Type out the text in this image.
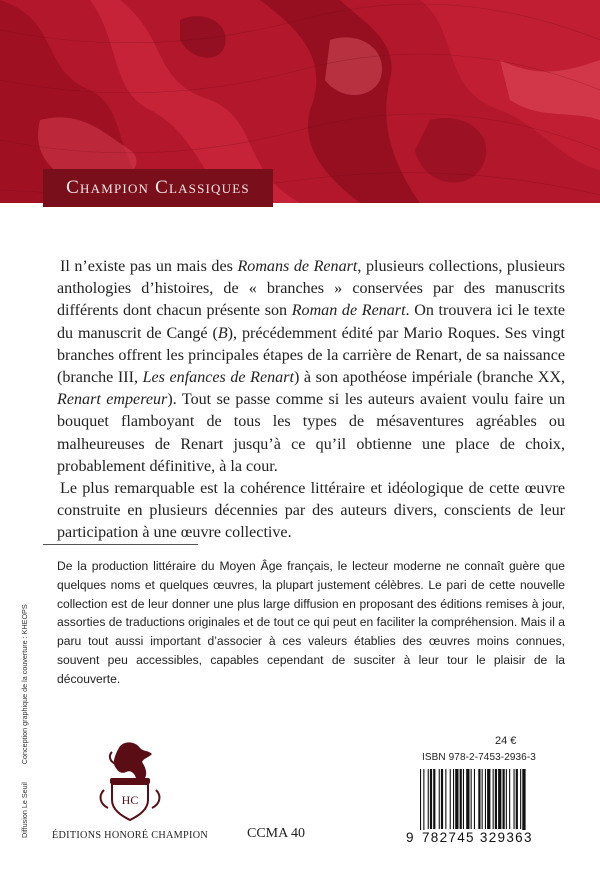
Champion Classiques

Il n’existe pas un mais des Romans de Renart, plusieurs collections, plusieurs anthologies d’histoires, de « branches » conservées par des manuscrits différents dont chacun présente son Roman de Renart. On trouvera ici le texte du manuscrit de Cangé (B), précédemment édité par Mario Roques. Ses vingt branches offrent les principales étapes de la carrière de Renart, de sa naissance (branche III, Les enfances de Renart) à son apothéose impériale (branche XX, Renart empereur). Tout se passe comme si les auteurs avaient voulu faire un bouquet flamboyant de tous les types de mésaventures agréables ou malheureuses de Renart jusqu’à ce qu’il obtienne une place de choix, probablement définitive, à la cour.

Le plus remarquable est la cohérence littéraire et idéologique de cette œuvre construite en plusieurs décennies par des auteurs divers, conscients de leur participation à une œuvre collective.

De la production littéraire du Moyen Âge français, le lecteur moderne ne connaît guère que quelques noms et quelques œuvres, la plupart justement célèbres. Le pari de cette nouvelle collection est de leur donner une plus large diffusion en proposant des éditions remises à jour, assorties de traductions originales et de tout ce qui peut en faciliter la compréhension. Mais il a paru tout aussi important d’associer à ces valeurs établies des œuvres moins connues, souvent peu accessibles, capables cependant de susciter à leur tour le plaisir de la découverte.
Diffusion Le Seuil
Conception graphique de la couverture : KHEOPS
HC
ÉDITIONS HONORÉ CHAMPION	CCMA 40
24 €
ISBN 978-2-7453-2936-3
9 782745 329363
